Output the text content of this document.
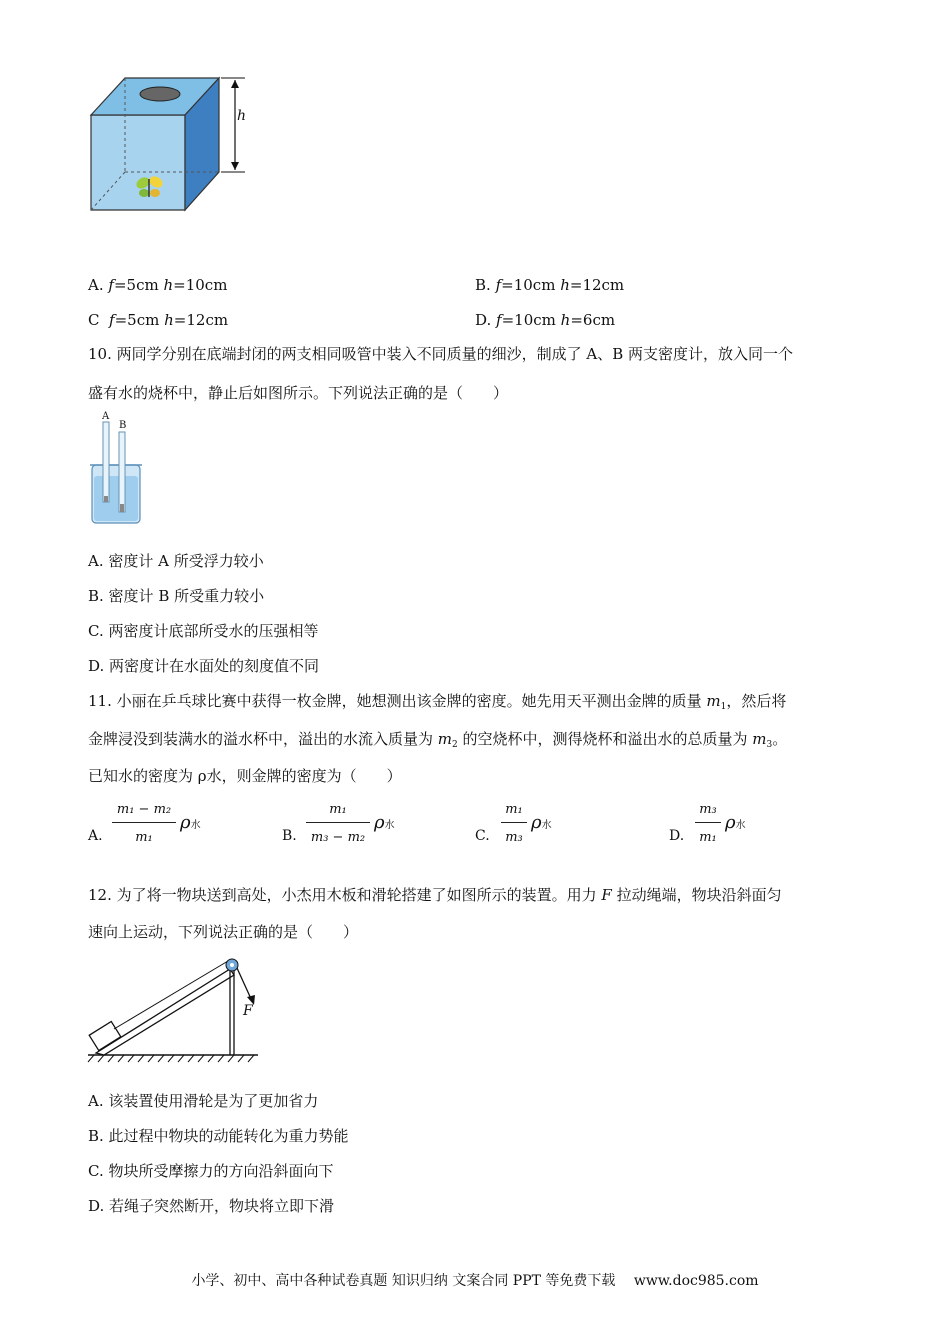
h
A. f=5cm h=10cm	B. f=10cm h=12cm
C f=5cm h=12cm	D. f=10cm h=6cm
10. 两同学分别在底端封闭的两支相同吸管中装入不同质量的细沙，制成了 A、B 两支密度计，放入同一个
盛有水的烧杯中，静止后如图所示。下列说法正确的是（　　）
A
B
A. 密度计 A 所受浮力较小
B. 密度计 B 所受重力较小
C. 两密度计底部所受水的压强相等
D. 两密度计在水面处的刻度值不同
11. 小丽在乒乓球比赛中获得一枚金牌，她想测出该金牌的密度。她先用天平测出金牌的质量 $m_1$，然后将
金牌浸没到装满水的溢水杯中，溢出的水流入质量为 $m_2$ 的空烧杯中，测得烧杯和溢出水的总质量为 $m_3$。
已知水的密度为 ρ水，则金牌的密度为（　　）
A.
m₁ − m₂
m₁
ρ水
B.
m₁
m₃ − m₂
ρ水
C.
m₁
m₃
ρ水
D.
m₃
m₁
ρ水
12. 为了将一物块送到高处，小杰用木板和滑轮搭建了如图所示的装置。用力 F 拉动绳端，物块沿斜面匀
速向上运动，下列说法正确的是（　　）
F
A. 该装置使用滑轮是为了更加省力
B. 此过程中物块的动能转化为重力势能
C. 物块所受摩擦力的方向沿斜面向下
D. 若绳子突然断开，物块将立即下滑
小学、初中、高中各种试卷真题 知识归纳 文案合同 PPT 等免费下载　 www.doc985.com
